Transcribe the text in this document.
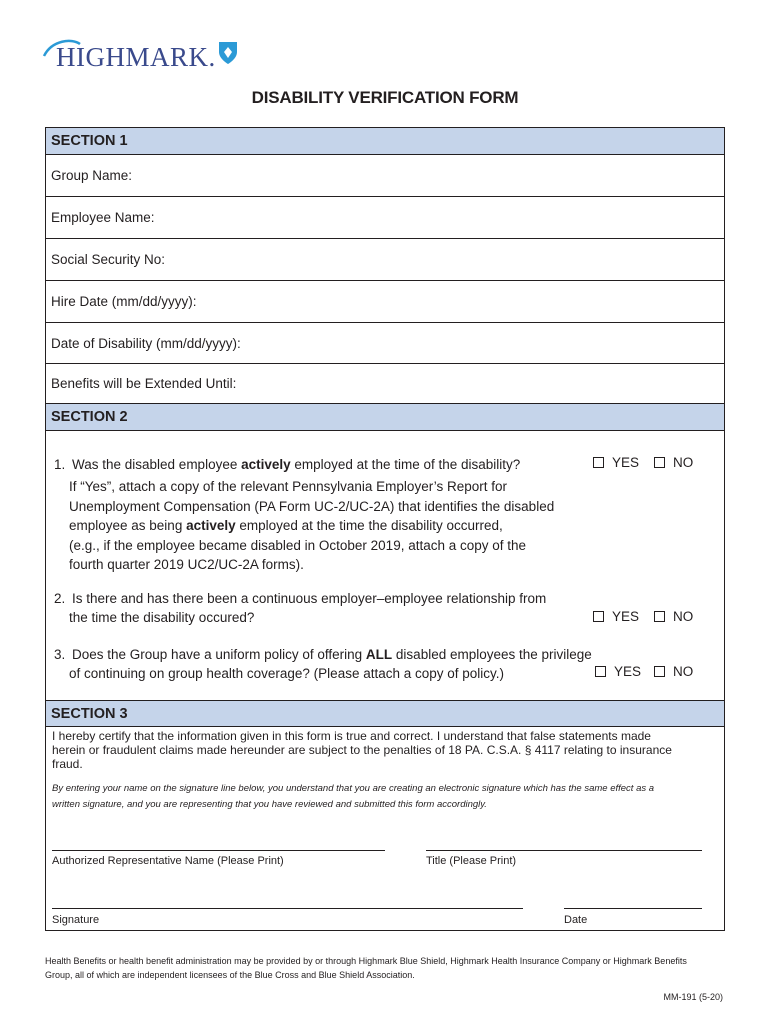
HIGHMARK.
DISABILITY VERIFICATION FORM
SECTION 1
Group Name:
Employee Name:
Social Security No:
Hire Date (mm/dd/yyyy):
Date of Disability (mm/dd/yyyy):
Benefits will be Extended Until:
SECTION 2
1. Was the disabled employee actively employed at the time of the disability?	YES	NO
If “Yes”, attach a copy of the relevant Pennsylvania Employer’s Report for
Unemployment Compensation (PA Form UC-2/UC-2A) that identifies the disabled
employee as being actively employed at the time the disability occurred,
(e.g., if the employee became disabled in October 2019, attach a copy of the
fourth quarter 2019 UC2/UC-2A forms).
2. Is there and has there been a continuous employer–employee relationship from
the time the disability occured?	YES	NO
3. Does the Group have a uniform policy of offering ALL disabled employees the privilege
of continuing on group health coverage? (Please attach a copy of policy.)	YES NO
SECTION 3
I hereby certify that the information given in this form is true and correct. I understand that false statements made
herein or fraudulent claims made hereunder are subject to the penalties of 18 PA. C.S.A. § 4117 relating to insurance
fraud.
By entering your name on the signature line below, you understand that you are creating an electronic signature which has the same effect as a
written signature, and you are representing that you have reviewed and submitted this form accordingly.
Authorized Representative Name (Please Print)	Title (Please Print)
Signature	Date
Health Benefits or health benefit administration may be provided by or through Highmark Blue Shield, Highmark Health Insurance Company or Highmark Benefits
Group, all of which are independent licensees of the Blue Cross and Blue Shield Association.
MM-191 (5-20)
